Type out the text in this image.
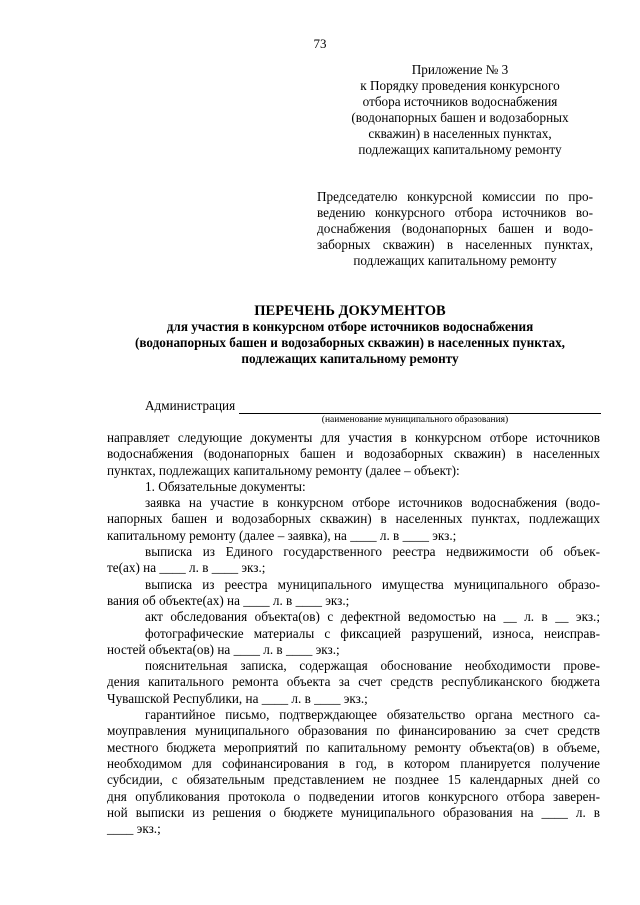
73
Приложение № 3
к Порядку проведения конкурсного
отбора источников водоснабжения
(водонапорных башен и водозаборных
скважин) в населенных пунктах,
подлежащих капитальному ремонту
Председателю конкурсной комиссии по про-
ведению конкурсного отбора источников во-
доснабжения (водонапорных башен и водо-
заборных скважин) в населенных пунктах,
подлежащих капитальному ремонту
ПЕРЕЧЕНЬ ДОКУМЕНТОВ
для участия в конкурсном отборе источников водоснабжения
(водонапорных башен и водозаборных скважин) в населенных пунктах,
подлежащих капитальному ремонту
Администрация
(наименование муниципального образования)

направляет следующие документы для участия в конкурсном отборе источников
водоснабжения (водонапорных башен и водозаборных скважин) в населенных
пунктах, подлежащих капитальному ремонту (далее – объект):

1. Обязательные документы:

заявка на участие в конкурсном отборе источников водоснабжения (водо-
напорных башен и водозаборных скважин) в населенных пунктах, подлежащих
капитальному ремонту (далее – заявка), на ____ л. в ____ экз.;

выписка из Единого государственного реестра недвижимости об объек-
те(ах) на ____ л. в ____ экз.;

выписка из реестра муниципального имущества муниципального образо-
вания об объекте(ах) на ____ л. в ____ экз.;

акт обследования объекта(ов) с дефектной ведомостью на __ л. в __ экз.;

фотографические материалы с фиксацией разрушений, износа, неисправ-
ностей объекта(ов) на ____ л. в ____ экз.;

пояснительная записка, содержащая обоснование необходимости прове-
дения капитального ремонта объекта за счет средств республиканского бюджета
Чувашской Республики, на ____ л. в ____ экз.;

гарантийное письмо, подтверждающее обязательство органа местного са-
моуправления муниципального образования по финансированию за счет средств
местного бюджета мероприятий по капитальному ремонту объекта(ов) в объеме,
необходимом для софинансирования в год, в котором планируется получение
субсидии, с обязательным представлением не позднее 15 календарных дней со
дня опубликования протокола о подведении итогов конкурсного отбора заверен-
ной выписки из решения о бюджете муниципального образования на ____ л. в
____ экз.;
